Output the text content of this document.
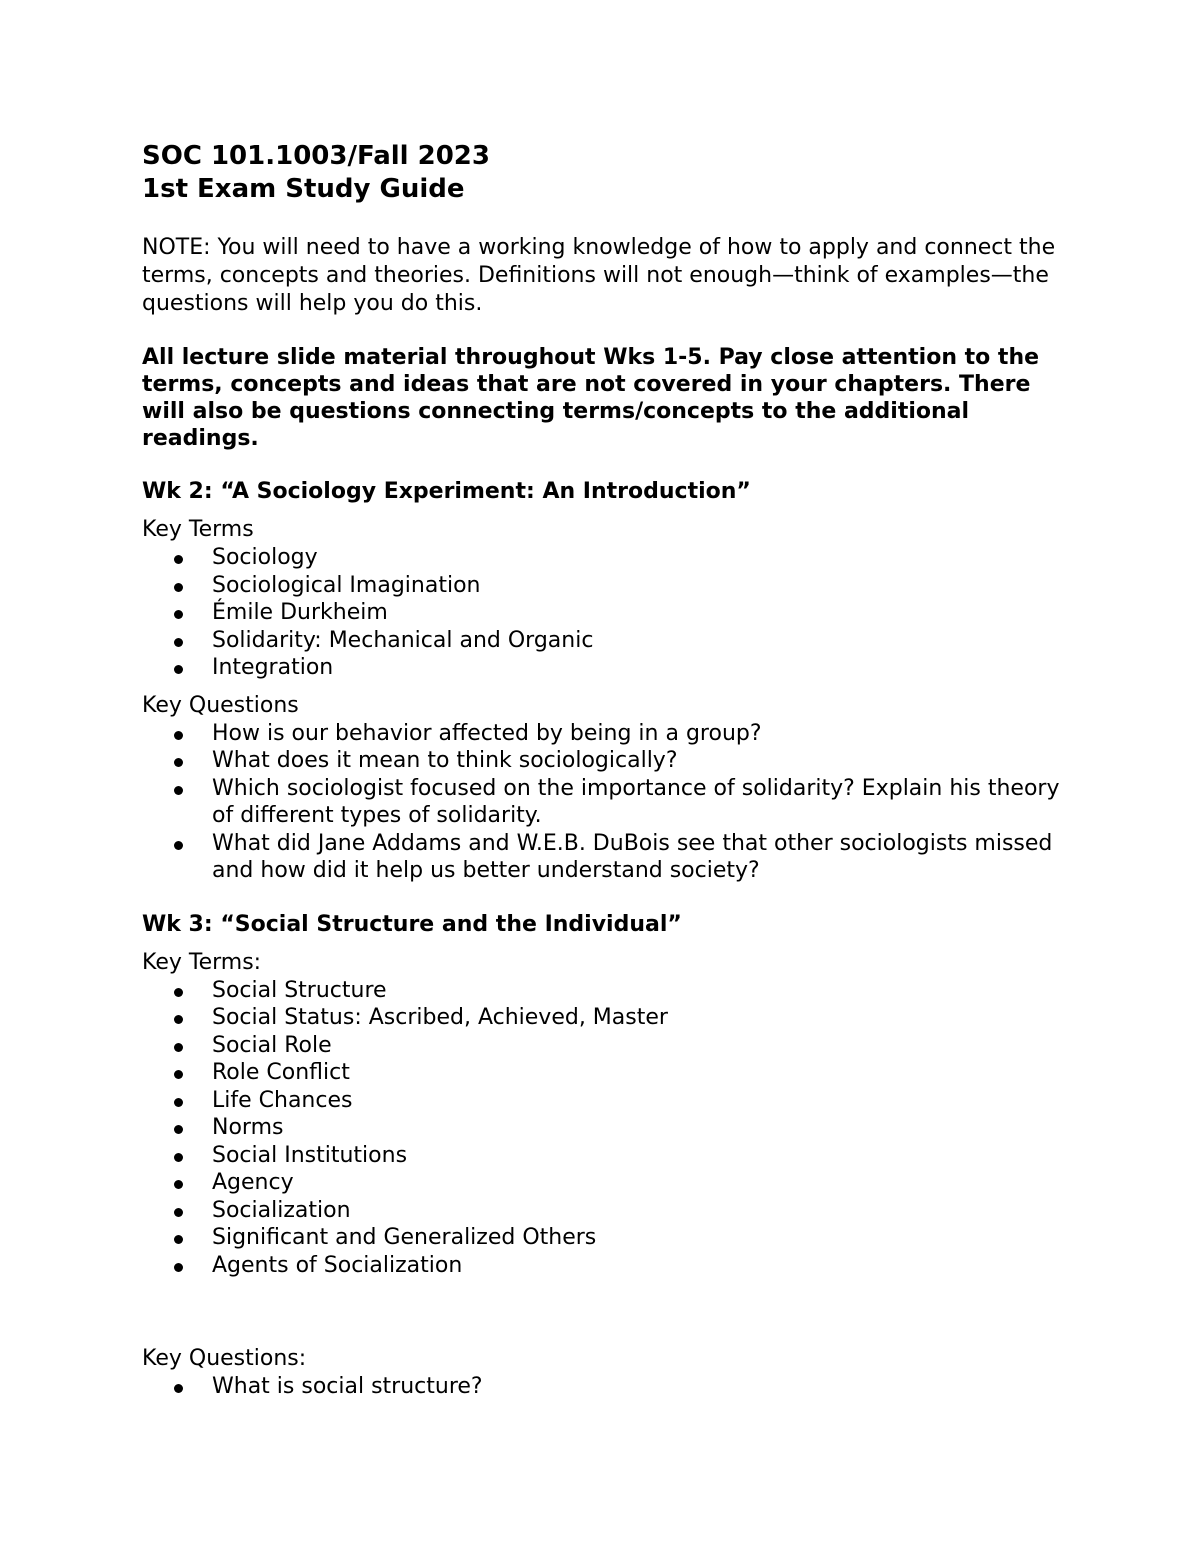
SOC 101.1003/Fall 2023
1st Exam Study Guide

NOTE: You will need to have a working knowledge of how to apply and connect the terms, concepts and theories. Definitions will not enough—think of examples—the questions will help you do this.

All lecture slide material throughout Wks 1-5. Pay close attention to the terms, concepts and ideas that are not covered in your chapters. There will also be questions connecting terms/concepts to the additional readings.

Wk 2: “A Sociology Experiment: An Introduction”
Key Terms
Sociology
Sociological Imagination
Émile Durkheim
Solidarity: Mechanical and Organic
Integration
Key Questions
How is our behavior affected by being in a group?
What does it mean to think sociologically?
Which sociologist focused on the importance of solidarity? Explain his theory of different types of solidarity.
What did Jane Addams and W.E.B. DuBois see that other sociologists missed and how did it help us better understand society?
Wk 3: “Social Structure and the Individual”
Key Terms:
Social Structure
Social Status: Ascribed, Achieved, Master
Social Role
Role Conflict
Life Chances
Norms
Social Institutions
Agency
Socialization
Significant and Generalized Others
Agents of Socialization
Key Questions:
What is social structure?
